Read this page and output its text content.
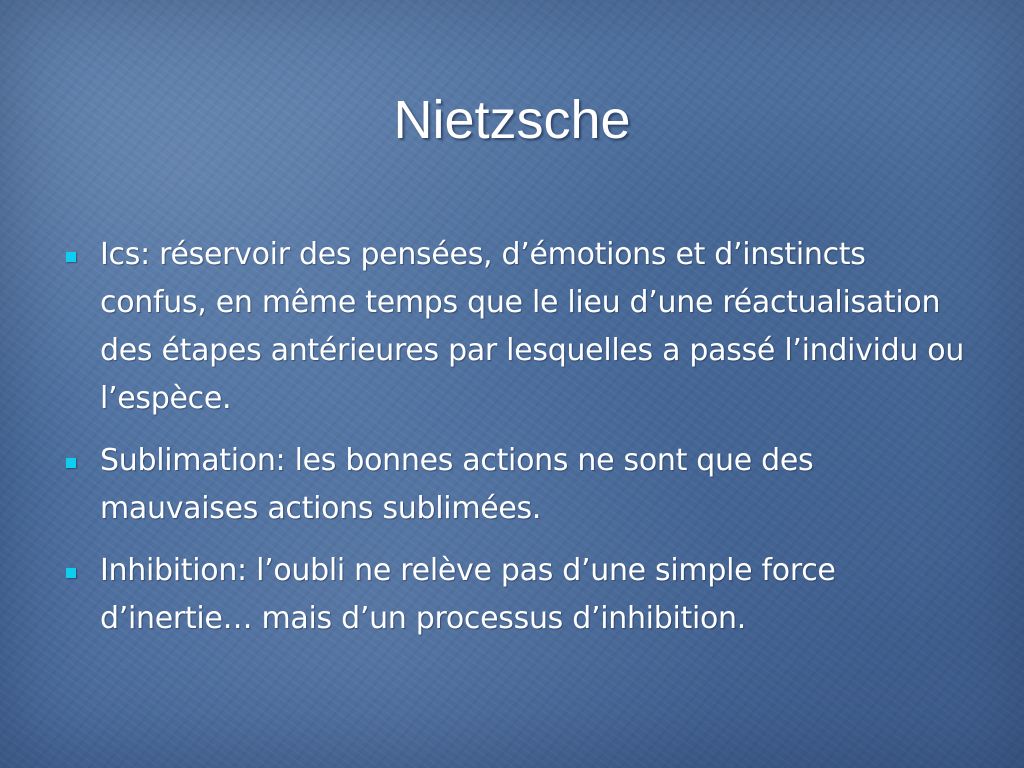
Nietzsche
Ics: réservoir des pensées, d’émotions et d’instincts confus, en même temps que le lieu d’une réactualisation des étapes antérieures par lesquelles a passé l’individu ou l’espèce.
Sublimation: les bonnes actions ne sont que des mauvaises actions sublimées.
Inhibition: l’oubli ne relève pas d’une simple force d’inertie… mais d’un processus d’inhibition.
